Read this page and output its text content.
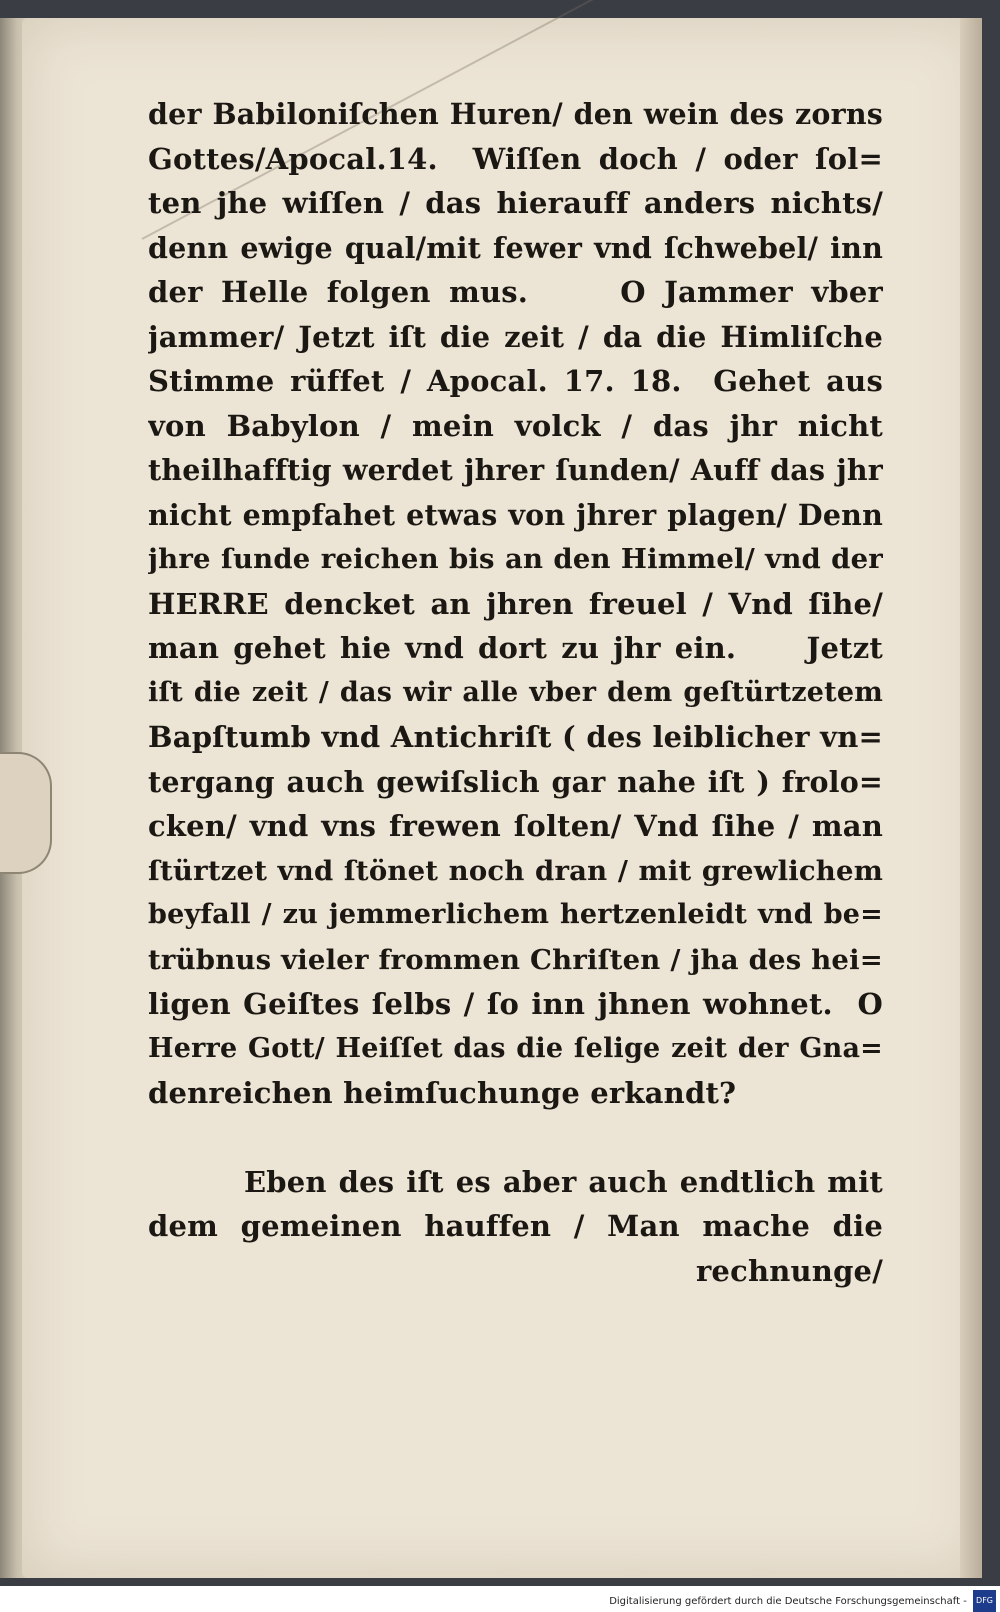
der Babiloniſchen Huren/ den wein des zorns
Gottes/Apocal.14.  Wiſſen doch / oder ſol=
ten jhe wiſſen / das hierauff anders nichts/
denn ewige qual/mit fewer vnd ſchwebel/ inn
der Helle folgen mus.     O Jammer vber
jammer/ Jetzt iſt die zeit / da die Himliſche
Stimme rüffet / Apocal. 17. 18.  Gehet aus
von Babylon / mein volck / das jhr nicht
theilhafftig werdet jhrer ſunden/ Auff das jhr
nicht empfahet etwas von jhrer plagen/ Denn
jhre ſunde reichen bis an den Himmel/ vnd der
HERRE dencket an jhren freuel / Vnd ſihe/
man gehet hie vnd dort zu jhr ein.     Jetzt
iſt die zeit / das wir alle vber dem geſtürtzetem
Bapſtumb vnd Antichriſt ( des leiblicher vn=
tergang auch gewiſslich gar nahe iſt ) frolo=
cken/ vnd vns frewen ſolten/ Vnd ſihe / man
ſtürtzet vnd ſtönet noch dran / mit grewlichem
beyfall / zu jemmerlichem hertzenleidt vnd be=
trübnus vieler frommen Chriſten / jha des hei=
ligen Geiſtes ſelbs / ſo inn jhnen wohnet.  O
Herre Gott/ Heiſſet das die ſelige zeit der Gna=
denreichen heimſuchunge erkandt?
Eben des iſt es aber auch endtlich mit
dem gemeinen hauffen / Man mache die
rechnunge/
Digitalisierung gefördert durch die Deutsche Forschungsgemeinschaft - DFG
